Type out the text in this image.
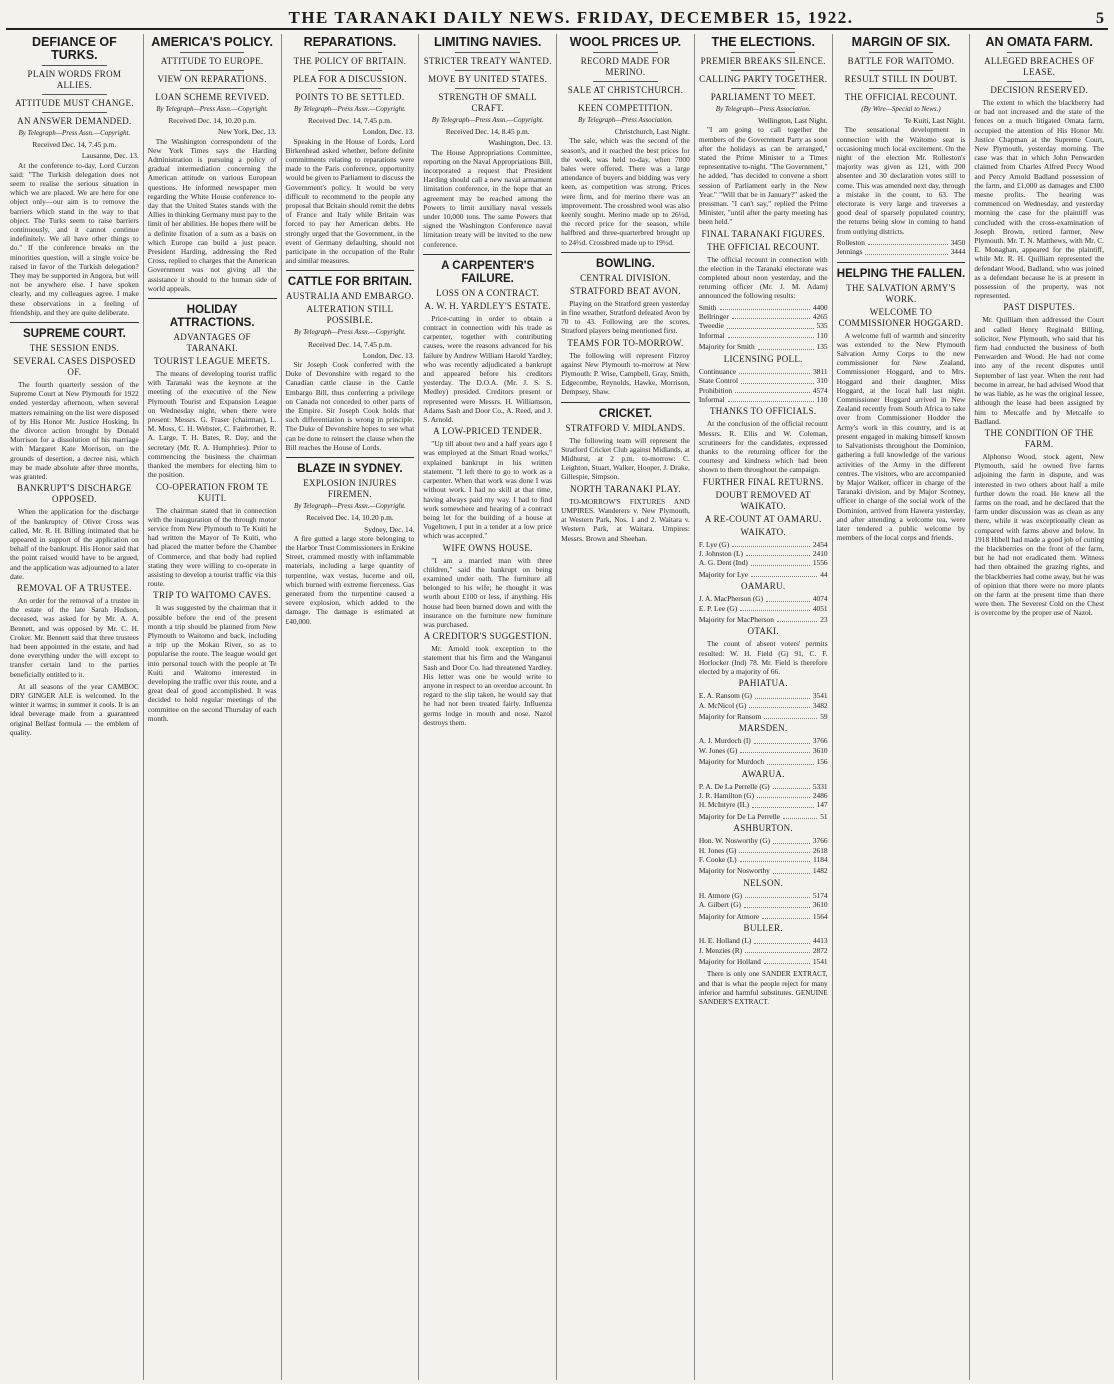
THE TARANAKI DAILY NEWS. FRIDAY, DECEMBER 15, 1922.	5
DEFIANCE OF TURKS.
PLAIN WORDS FROM ALLIES.
ATTITUDE MUST CHANGE.
AN ANSWER DEMANDED.
By Telegraph—Press Assn.—Copyright.
Received Dec. 14, 7.45 p.m.
Lausanne, Dec. 13.

At the conference to-day, Lord Curzon said: "The Turkish delegation does not seem to realise the serious situation in which we are placed. We are here for one object only—our aim is to remove the barriers which stand in the way to that object. The Turks seem to raise barriers continuously, and it cannot continue indefinitely. We all have other things to do." If the conference breaks on the minorities question, will a single voice be raised in favor of the Turkish delegation? They may be supported in Angora, but will not be anywhere else. I have spoken clearly, and my colleagues agree. I make these observations in a feeling of friendship, and they are quite deliberate.

SUPREME COURT.
THE SESSION ENDS.
SEVERAL CASES DISPOSED OF.

The fourth quarterly session of the Supreme Court at New Plymouth for 1922 ended yesterday afternoon, when several matters remaining on the list were disposed of by His Honor Mr. Justice Hosking. In the divorce action brought by Donald Morrison for a dissolution of his marriage with Margaret Kate Morrison, on the grounds of desertion, a decree nisi, which may be made absolute after three months, was granted.

BANKRUPT'S DISCHARGE OPPOSED.

When the application for the discharge of the bankruptcy of Oliver Cross was called, Mr. R. H. Billing intimated that he appeared in support of the application on behalf of the bankrupt. His Honor said that the point raised would have to be argued, and the application was adjourned to a later date.

REMOVAL OF A TRUSTEE.

An order for the removal of a trustee in the estate of the late Sarah Hudson, deceased, was asked for by Mr. A. A. Bennett, and was opposed by Mr. C. H. Croker. Mr. Bennett said that three trustees had been appointed in the estate, and had done everything under the will except to transfer certain land to the parties beneficially entitled to it.

At all seasons of the year CAMBOC DRY GINGER ALE is welcomed. In the winter it warms; in summer it cools. It is an ideal beverage made from a guaranteed original Belfast formula — the emblem of quality.

AMERICA'S POLICY.
ATTITUDE TO EUROPE.
VIEW ON REPARATIONS.
LOAN SCHEME REVIVED.
By Telegraph—Press Assn.—Copyright.
Received Dec. 14, 10.20 p.m.
New York, Dec. 13.

The Washington correspondent of the New York Times says the Harding Administration is pursuing a policy of gradual intermediation concerning the American attitude on various European questions. He informed newspaper men regarding the White House conference to-day that the United States stands with the Allies in thinking Germany must pay to the limit of her abilities. He hopes there will be a definite fixation of a sum as a basis on which Europe can build a just peace. President Harding, addressing the Red Cross, replied to charges that the American Government was not giving all the assistance it should to the human side of world appeals.

HOLIDAY ATTRACTIONS.
ADVANTAGES OF TARANAKI.
TOURIST LEAGUE MEETS.

The means of developing tourist traffic with Taranaki was the keynote at the meeting of the executive of the New Plymouth Tourist and Expansion League on Wednesday night, when there were present: Messrs. G. Fraser (chairman), L. M. Moss, C. H. Webster, C. Fairbrother, R. A. Large, T. H. Bates, R. Day, and the secretary (Mr. R. A. Humphries). Prior to commencing the business the chairman thanked the members for electing him to the position.

CO-OPERATION FROM TE KUITI.

The chairman stated that in connection with the inauguration of the through motor service from New Plymouth to Te Kuiti he had written the Mayor of Te Kuiti, who had placed the matter before the Chamber of Commerce, and that body had replied stating they were willing to co-operate in assisting to develop a tourist traffic via this route.

TRIP TO WAITOMO CAVES.

It was suggested by the chairman that it possible before the end of the present month a trip should be planned from New Plymouth to Waitomo and back, including a trip up the Mokau River, so as to popularise the route. The league would get into personal touch with the people at Te Kuiti and Waitomo interested in developing the traffic over this route, and a great deal of good accomplished. It was decided to hold regular meetings of the committee on the second Thursday of each month.

REPARATIONS.
THE POLICY OF BRITAIN.
PLEA FOR A DISCUSSION.
POINTS TO BE SETTLED.
By Telegraph—Press Assn.—Copyright.
Received Dec. 14, 7.45 p.m.
London, Dec. 13.

Speaking in the House of Lords, Lord Birkenhead asked whether, before definite commitments relating to reparations were made to the Paris conference, opportunity would be given to Parliament to discuss the Government's policy. It would be very difficult to recommend to the people any proposal that Britain should remit the debts of France and Italy while Britain was forced to pay her American debts. He strongly urged that the Government, in the event of Germany defaulting, should not participate in the occupation of the Ruhr and similar measures.

CATTLE FOR BRITAIN.
AUSTRALIA AND EMBARGO.
ALTERATION STILL POSSIBLE.
By Telegraph—Press Assn.—Copyright.
Received Dec. 14, 7.45 p.m.
London, Dec. 13.

Sir Joseph Cook conferred with the Duke of Devonshire with regard to the Canadian cattle clause in the Cattle Embargo Bill, thus conferring a privilege on Canada not conceded to other parts of the Empire. Sir Joseph Cook holds that such differentiation is wrong in principle. The Duke of Devonshire hopes to see what can be done to reinsert the clause when the Bill reaches the House of Lords.

BLAZE IN SYDNEY.
EXPLOSION INJURES FIREMEN.
By Telegraph—Press Assn.—Copyright.
Received Dec. 14, 10.20 p.m.
Sydney, Dec. 14.

A fire gutted a large store belonging to the Harbor Trust Commissioners in Erskine Street, crammed mostly with inflammable materials, including a large quantity of turpentine, wax vestas, lucerne and oil, which burned with extreme fierceness. Gas generated from the turpentine caused a severe explosion, which added to the damage. The damage is estimated at £40,000.

LIMITING NAVIES.
STRICTER TREATY WANTED.
MOVE BY UNITED STATES.
STRENGTH OF SMALL CRAFT.
By Telegraph—Press Assn.—Copyright.
Received Dec. 14, 8.45 p.m.
Washington, Dec. 13.

The House Appropriations Committee, reporting on the Naval Appropriations Bill, incorporated a request that President Harding should call a new naval armament limitation conference, in the hope that an agreement may be reached among the Powers to limit auxiliary naval vessels under 10,000 tons. The same Powers that signed the Washington Conference naval limitation treaty will be invited to the new conference.

A CARPENTER'S FAILURE.
LOSS ON A CONTRACT.
A. W. H. YARDLEY'S ESTATE.

Price-cutting in order to obtain a contract in connection with his trade as carpenter, together with contributing causes, were the reasons advanced for his failure by Andrew William Harold Yardley, who was recently adjudicated a bankrupt and appeared before his creditors yesterday. The D.O.A. (Mr. J. S. S. Medley) presided. Creditors present or represented were Messrs. H. Williamson, Adams Sash and Door Co., A. Reed, and J. S. Arnold.

A LOW-PRICED TENDER.

"Up till about two and a half years ago I was employed at the Smart Road works," explained bankrupt in his written statement. "I left there to go to work as a carpenter. When that work was done I was without work. I had no skill at that time, having always paid my way. I had to find work somewhere and hearing of a contract being let for the building of a house at Vogeltown, I put in a tender at a low price which was accepted."

WIFE OWNS HOUSE.

"I am a married man with three children," said the bankrupt on being examined under oath. The furniture all belonged to his wife; he thought it was worth about £100 or less, if anything. His house had been burned down and with the insurance on the furniture new furniture was purchased.

A CREDITOR'S SUGGESTION.

Mr. Arnold took exception to the statement that his firm and the Wanganui Sash and Door Co. had threatened Yardley. His letter was one he would write to anyone in respect to an overdue account. In regard to the slip taken, he would say that he had not been treated fairly. Influenza germs lodge in mouth and nose. Nazol destroys them.

WOOL PRICES UP.
RECORD MADE FOR MERINO.
SALE AT CHRISTCHURCH.
KEEN COMPETITION.
By Telegraph—Press Association.
Christchurch, Last Night.

The sale, which was the second of the season's, and it reached the best prices for the week, was held to-day, when 7000 bales were offered. There was a large attendance of buyers and bidding was very keen, as competition was strong. Prices were firm, and for merino there was an improvement. The crossbred wool was also keenly sought. Merino made up to 26½d, the record price for the season, while halfbred and three-quarterbred brought up to 24½d. Crossbred made up to 19½d.

BOWLING.
CENTRAL DIVISION.
STRATFORD BEAT AVON.

Playing on the Stratford green yesterday in fine weather, Stratford defeated Avon by 70 to 43. Following are the scores, Stratford players being mentioned first.

TEAMS FOR TO-MORROW.

The following will represent Fitzroy against New Plymouth to-morrow at New Plymouth: P. Wise, Campbell, Gray, Smith, Edgecombe, Reynolds, Hawke, Morrison, Dempsey, Shaw.

CRICKET.
STRATFORD V. MIDLANDS.

The following team will represent the Stratford Cricket Club against Midlands, at Midhurst, at 2 p.m. to-morrow: C. Leighton, Stuart, Walker, Hooper, J. Drake, Gillespie, Simpson.

NORTH TARANAKI PLAY.

TO-MORROW'S FIXTURES AND UMPIRES. Wanderers v. New Plymouth, at Western Park, Nos. 1 and 2. Waitara v. Western Park, at Waitara. Umpires: Messrs. Brown and Sheehan.

THE ELECTIONS.
PREMIER BREAKS SILENCE.
CALLING PARTY TOGETHER.
PARLIAMENT TO MEET.
By Telegraph—Press Association.
Wellington, Last Night.

"I am going to call together the members of the Government Party as soon after the holidays as can be arranged," stated the Prime Minister to a Times representative to-night. "The Government," he added, "has decided to convene a short session of Parliament early in the New Year." "Will that be in January?" asked the pressman. "I can't say," replied the Prime Minister, "until after the party meeting has been held."

FINAL TARANAKI FIGURES.
THE OFFICIAL RECOUNT.

The official recount in connection with the election in the Taranaki electorate was completed about noon yesterday, and the returning officer (Mr. J. M. Adam) announced the following results:

Smith	4400
Bellringer	4265
Tweedie	535
Informal	110
Majority for Smith	135
LICENSING POLL.
Continuance	3811
State Control	310
Prohibition	4574
Informal	110
THANKS TO OFFICIALS.

At the conclusion of the official recount Messrs. R. Ellis and W. Coleman, scrutineers for the candidates, expressed thanks to the returning officer for the courtesy and kindness which had been shown to them throughout the campaign.

FURTHER FINAL RETURNS.
DOUBT REMOVED AT WAIKATO.
A RE-COUNT AT OAMARU.
WAIKATO.
F. Lye (G)	2454
J. Johnston (L)	2410
A. G. Dent (Ind)	1556
Majority for Lye	44
OAMARU.
J. A. MacPherson (G)	4074
E. P. Lee (G)	4051
Majority for MacPherson	23
OTAKI.

The count of absent voters' permits resulted: W. H. Field (G) 91, C. F. Horlocker (Ind) 78. Mr. Field is therefore elected by a majority of 66.

PAHIATUA.
E. A. Ransom (G)	3541
A. McNicol (G)	3482
Majority for Ransom	59
MARSDEN.
A. J. Murdoch (I)	3766
W. Jones (G)	3610
Majority for Murdoch	156
AWARUA.
P. A. De La Perrelle (G)	5331
J. R. Hamilton (G)	2486
H. McIntyre (IL)	147
Majority for De La Perrelle	51
ASHBURTON.
Hon. W. Nosworthy (G)	3766
H. Jones (G)	2618
F. Cooke (L)	1184
Majority for Nosworthy	1482
NELSON.
H. Atmore (G)	5174
A. Gilbert (G)	3610
Majority for Atmore	1564
BULLER.
H. E. Holland (L)	4413
J. Menzies (R)	2872
Majority for Holland	1541

There is only one SANDER EXTRACT, and that is what the people reject for many inferior and harmful substitutes. GENUINE SANDER'S EXTRACT.

MARGIN OF SIX.
BATTLE FOR WAITOMO.
RESULT STILL IN DOUBT.
THE OFFICIAL RECOUNT.
(By Wire—Special to News.)
Te Kuiti, Last Night.

The sensational development in connection with the Waitomo seat is occasioning much local excitement. On the night of the election Mr. Rolleston's majority was given as 121, with 200 absentee and 30 declaration votes still to come. This was amended next day, through a mistake in the count, to 63. The electorate is very large and traverses a good deal of sparsely populated country, the returns being slow in coming to hand from outlying districts.

Rolleston	3450
Jennings	3444
HELPING THE FALLEN.
THE SALVATION ARMY'S WORK.
WELCOME TO COMMISSIONER HOGGARD.

A welcome full of warmth and sincerity was extended to the New Plymouth Salvation Army Corps to the new commissioner for New Zealand, Commissioner Hoggard, and to Mrs. Hoggard and their daughter, Miss Hoggard, at the local hall last night. Commissioner Hoggard arrived in New Zealand recently from South Africa to take over from Commissioner Hodder the Army's work in this country, and is at present engaged in making himself known to Salvationists throughout the Dominion, gathering a full knowledge of the various activities of the Army in the different centres. The visitors, who are accompanied by Major Walker, officer in charge of the Taranaki division, and by Major Scotney, officer in charge of the social work of the Dominion, arrived from Hawera yesterday, and after attending a welcome tea, were later tendered a public welcome by members of the local corps and friends.

AN OMATA FARM.
ALLEGED BREACHES OF LEASE.
DECISION RESERVED.

The extent to which the blackberry had or had not increased and the state of the fences on a much litigated Omata farm, occupied the attention of His Honor Mr. Justice Chapman at the Supreme Court, New Plymouth, yesterday morning. The case was that in which John Penwarden claimed from Charles Alfred Percy Wood and Percy Arnold Badland possession of the farm, and £1,000 as damages and £300 mesne profits. The hearing was commenced on Wednesday, and yesterday morning the case for the plaintiff was concluded with the cross-examination of Joseph Brown, retired farmer, New Plymouth. Mr. T. N. Matthews, with Mr. C. E. Monaghan, appeared for the plaintiff, while Mr. R. H. Quilliam represented the defendant Wood, Badland, who was joined as a defendant because he is at present in possession of the property, was not represented.

PAST DISPUTES.

Mr. Quilliam then addressed the Court and called Henry Reginald Billing, solicitor, New Plymouth, who said that his firm had conducted the business of both Penwarden and Wood. He had not come into any of the recent disputes until September of last year. When the rent had become in arrear, he had advised Wood that he was liable, as he was the original lessee, although the lease had been assigned by him to Metcalfe and by Metcalfe to Badland.

THE CONDITION OF THE FARM.

Alphonso Wood, stock agent, New Plymouth, said he owned five farms adjoining the farm in dispute, and was interested in two others about half a mile further down the road. He knew all the farms on the road, and he declared that the farm under discussion was as clean as any there, while it was exceptionally clean as compared with farms above and below. In 1918 Hibell had made a good job of cutting the blackberries on the front of the farm, but he had not eradicated them. Witness had then obtained the grazing rights, and the blackberries had come away, but he was of opinion that there were no more plants on the farm at the present time than there were then. The Severest Cold on the Chest is overcome by the proper use of Nazol.
